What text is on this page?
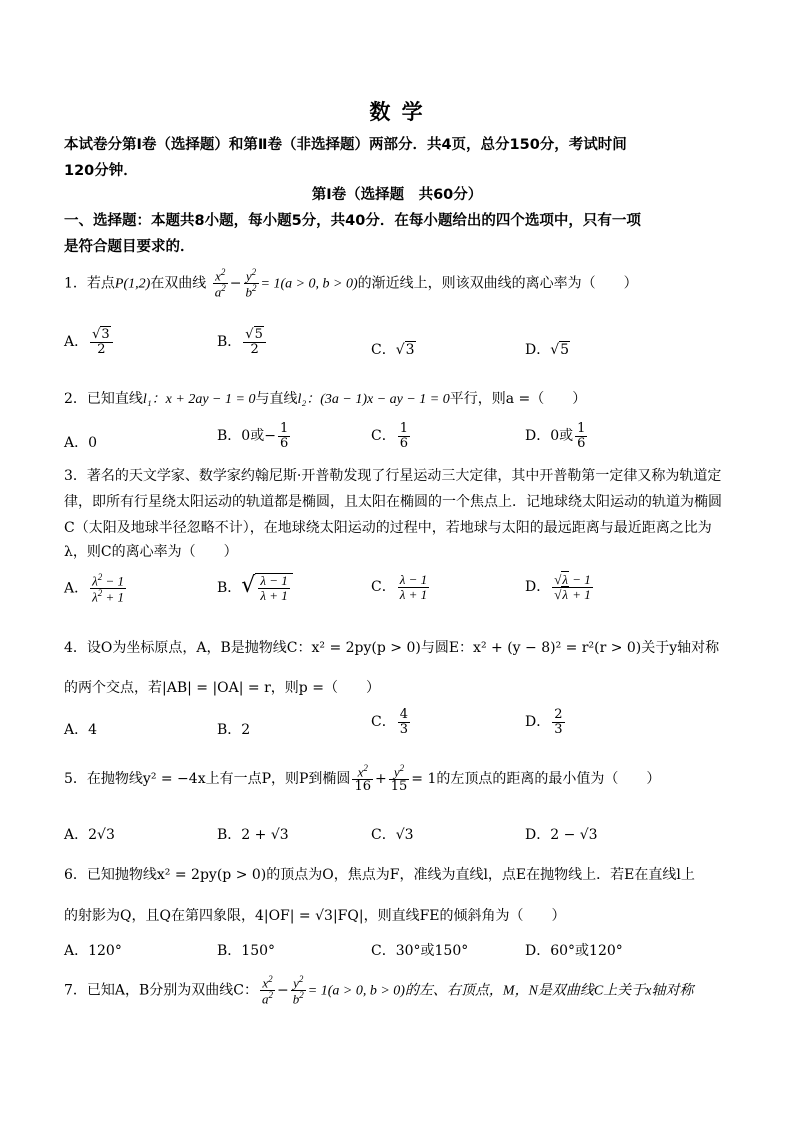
数 学
本试卷分第Ⅰ卷（选择题）和第Ⅱ卷（非选择题）两部分．共4页，总分150分，考试时间
120分钟．
第Ⅰ卷（选择题　共60分）
一、选择题：本题共8小题，每小题5分，共40分．在每小题给出的四个选项中，只有一项
是符合题目要求的．
1．若点P(1,2)在双曲线 $\frac{x^2}{a^2} - \frac{y^2}{b^2} = 1(a > 0$, b > 0)的渐近线上，则该双曲线的离心率为（　　）
A． $\frac{√3}{2}$	B． $\frac{√5}{2}$	C．√3	D．√5
2．已知直线l₁：x + 2ay − 1 = 0与直线l₂：(3a − 1)x − ay − 1 = 0平行，则a =（　　）
A．0	B．0或− $\frac{1}{6}$	C． $\frac{1}{6}$	D．0或 $\frac{1}{6}$
3．著名的天文学家、数学家约翰尼斯·开普勒发现了行星运动三大定律，其中开普勒第一定律又称为轨道定
律，即所有行星绕太阳运动的轨道都是椭圆，且太阳在椭圆的一个焦点上．记地球绕太阳运动的轨道为椭圆
C（太阳及地球半径忽略不计），在地球绕太阳运动的过程中，若地球与太阳的最远距离与最近距离之比为
λ，则C的离心率为（　　）
A． $\frac{\lambda^2 - 1}{\lambda^2 + 1}$	B．√ $\frac{\lambda - 1}{\lambda + 1}$	C． $\frac{\lambda - 1}{\lambda + 1}$	D． $\frac{√\lambda - 1}{√\lambda + 1}$
4．设O为坐标原点，A，B是抛物线C：x² = 2py(p > 0)与圆E：x² + (y − 8)² = r²(r > 0)关于y轴对称
的两个交点，若|AB| = |OA| = r，则p =（　　）
A．4	B．2	C． $\frac{4}{3}$	D． $\frac{2}{3}$
5．在抛物线y² = −4x上有一点P，则P到椭圆 $\frac{x^2}{16} + \frac{y^2}{15} = 1$的左顶点的距离的最小值为（　　）
A．2√3	B．2 + √3	C．√3	D．2 − √3
6．已知抛物线x² = 2py(p > 0)的顶点为O，焦点为F，准线为直线l，点E在抛物线上．若E在直线l上
的射影为Q，且Q在第四象限，4|OF| = √3|FQ|，则直线FE的倾斜角为（　　）
A．120°	B．150°	C．30°或150°	D．60°或120°
7．已知A，B分别为双曲线C： $\frac{x^2}{a^2} - \frac{y^2}{b^2} = 1(a > 0$, b > 0)的左、右顶点，M，N是双曲线C上关于x轴对称
